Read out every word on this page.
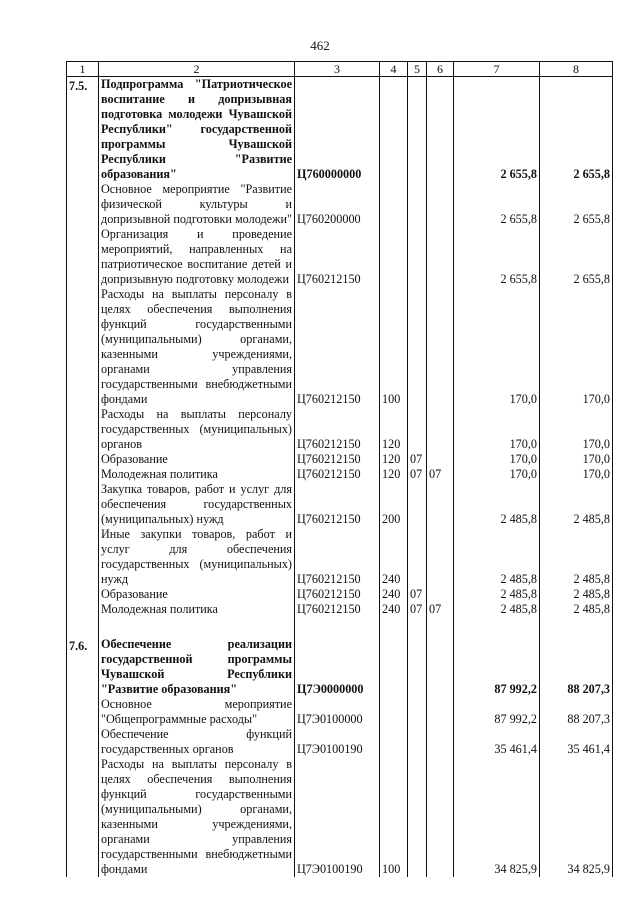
462
1	2	3	4	5	6	7	8
7.5.	Подпрограмма "Патриотическое воспитание и допризывная подготовка молодежи Чувашской Республики" государственной программы Чувашской Республики "Развитие образования"	Ц760000000				2 655,8	2 655,8
	Основное мероприятие "Развитие физической культуры и допризывной подготовки молодежи"	Ц760200000				2 655,8	2 655,8
	Организация и проведение мероприятий, направленных на патриотическое воспитание детей и допризывную подготовку молодежи	Ц760212150				2 655,8	2 655,8
	Расходы на выплаты персоналу в целях обеспечения выполнения функций государственными (муниципальными) органами, казенными учреждениями, органами управления государственными внебюджетными фондами	Ц760212150	100			170,0	170,0
	Расходы на выплаты персоналу государственных (муниципальных) органов	Ц760212150	120			170,0	170,0
	Образование	Ц760212150	120	07		170,0	170,0
	Молодежная политика	Ц760212150	120	07	07	170,0	170,0
	Закупка товаров, работ и услуг для обеспечения государственных (муниципальных) нужд	Ц760212150	200			2 485,8	2 485,8
	Иные закупки товаров, работ и услуг для обеспечения государственных (муниципальных) нужд	Ц760212150	240			2 485,8	2 485,8
	Образование	Ц760212150	240	07		2 485,8	2 485,8
	Молодежная политика	Ц760212150	240	07	07	2 485,8	2 485,8

7.6.	Обеспечение реализации государственной программы Чувашской Республики "Развитие образования"	Ц7Э0000000				87 992,2	88 207,3
	Основное мероприятие "Общепрограммные расходы"	Ц7Э0100000				87 992,2	88 207,3
	Обеспечение функций государственных органов	Ц7Э0100190				35 461,4	35 461,4
	Расходы на выплаты персоналу в целях обеспечения выполнения функций государственными (муниципальными) органами, казенными учреждениями, органами управления государственными внебюджетными фондами	Ц7Э0100190	100			34 825,9	34 825,9
